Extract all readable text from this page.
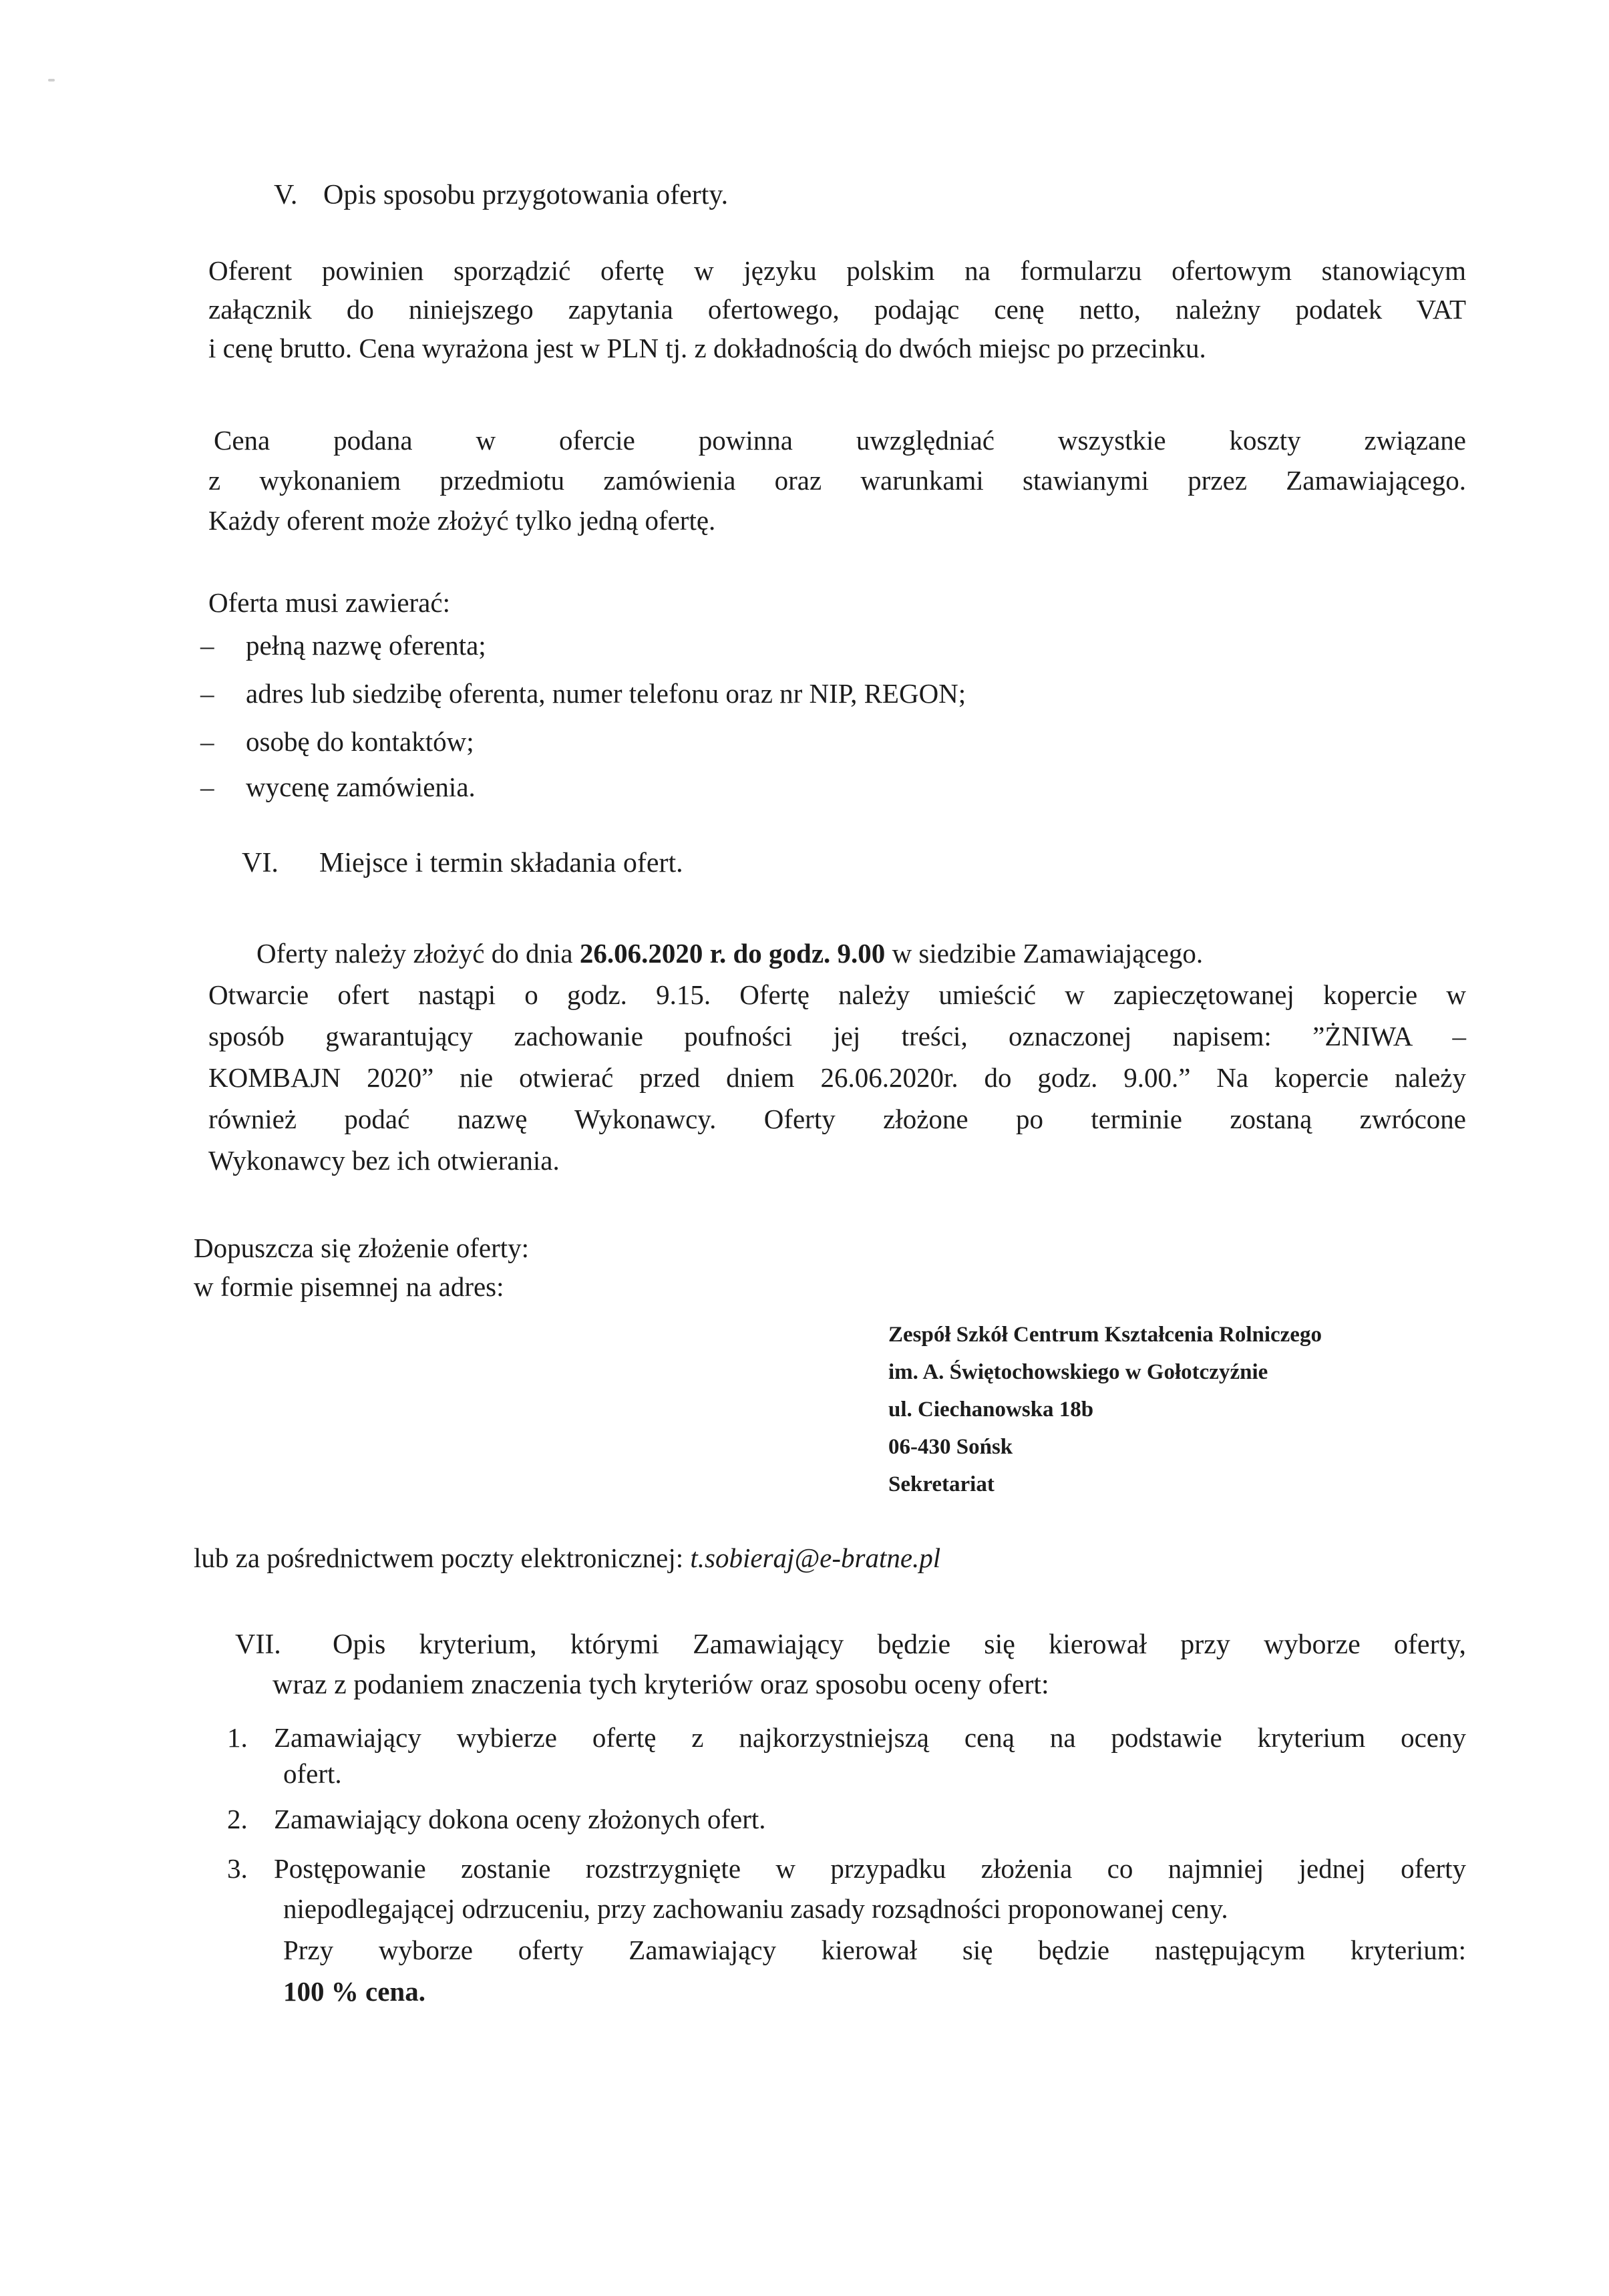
V. Opis sposobu przygotowania oferty.
Oferent powinien sporządzić ofertę w języku polskim na formularzu ofertowym stanowiącym
załącznik do niniejszego zapytania ofertowego, podając cenę netto, należny podatek VAT
i cenę brutto. Cena wyrażona jest w PLN tj. z dokładnością do dwóch miejsc po przecinku.
Cena podana w ofercie powinna uwzględniać wszystkie koszty związane
z wykonaniem przedmiotu zamówienia oraz warunkami stawianymi przez Zamawiającego.
Każdy oferent może złożyć tylko jedną ofertę.
Oferta musi zawierać:
– pełną nazwę oferenta;
– adres lub siedzibę oferenta, numer telefonu oraz nr NIP, REGON;
– osobę do kontaktów;
– wycenę zamówienia.
VI. Miejsce i termin składania ofert.
Oferty należy złożyć do dnia 26.06.2020 r. do godz. 9.00 w siedzibie Zamawiającego.
Otwarcie ofert nastąpi o godz. 9.15. Ofertę należy umieścić w zapieczętowanej kopercie w
sposób gwarantujący zachowanie poufności jej treści, oznaczonej napisem: ”ŻNIWA –
KOMBAJN 2020” nie otwierać przed dniem 26.06.2020r. do godz. 9.00.” Na kopercie należy
również podać nazwę Wykonawcy. Oferty złożone po terminie zostaną zwrócone
Wykonawcy bez ich otwierania.
Dopuszcza się złożenie oferty:
w formie pisemnej na adres:
Zespół Szkół Centrum Kształcenia Rolniczego
im. A. Świętochowskiego w Gołotczyźnie
ul. Ciechanowska 18b
06-430 Sońsk
Sekretariat
lub za pośrednictwem poczty elektronicznej: t.sobieraj@e-bratne.pl
VII.	Opis kryterium, którymi Zamawiający będzie się kierował przy wyborze oferty,
wraz z podaniem znaczenia tych kryteriów oraz sposobu oceny ofert:
1. Zamawiający wybierze ofertę z najkorzystniejszą ceną na podstawie kryterium oceny
ofert.
2. Zamawiający dokona oceny złożonych ofert.
3. Postępowanie zostanie rozstrzygnięte w przypadku złożenia co najmniej jednej oferty
niepodlegającej odrzuceniu, przy zachowaniu zasady rozsądności proponowanej ceny.
Przy wyborze oferty Zamawiający kierował się będzie następującym kryterium:
100 % cena.
